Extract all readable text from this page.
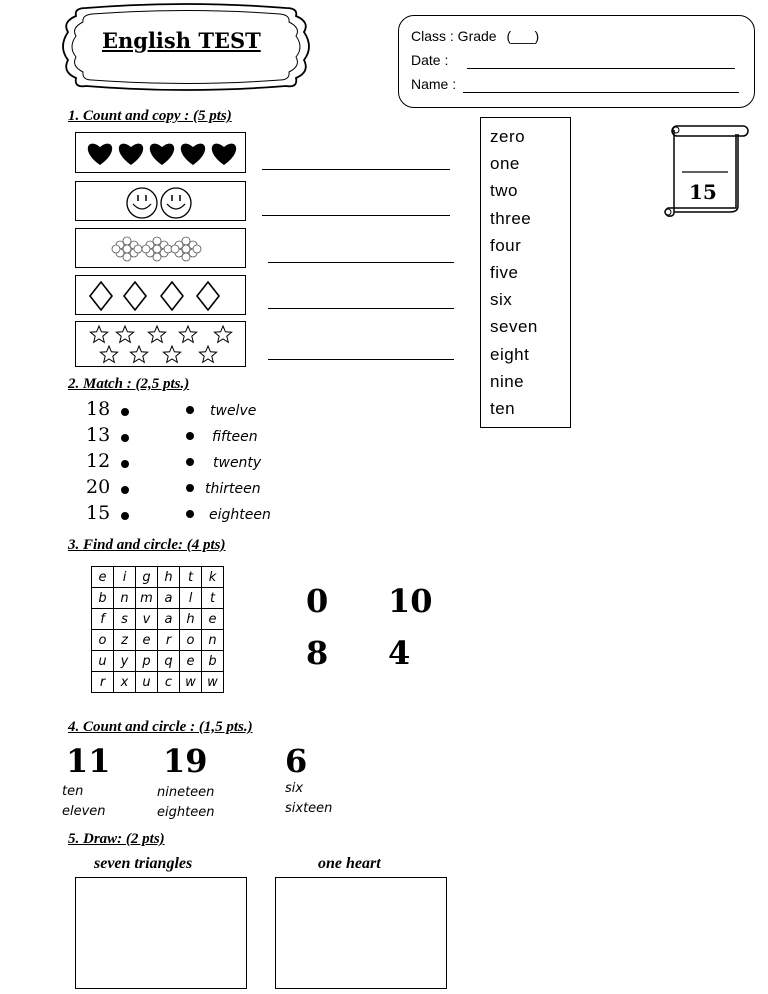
English TEST	Class : Grade (___)
Date :
Name :
15
zero
one
two
three
four
five
six
seven
eight
nine
ten
1. Count and copy : (5 pts)
2. Match : (2,5 pts.)
18
13
12
20
15
twelve
fifteen
twenty
thirteen
eighteen
3. Find and circle: (4 pts)
e	i	g	h	t	k
b	n	m	a	l	t
f	s	v	a	h	e
o	z	e	r	o	n
u	y	p	q	e	b
r	x	u	c	w	w
0 10
8 4
4. Count and circle : (1,5 pts.)
11
ten
eleven
19
nineteen
eighteen
6
six
sixteen
5. Draw: (2 pts)
seven triangles	one heart
